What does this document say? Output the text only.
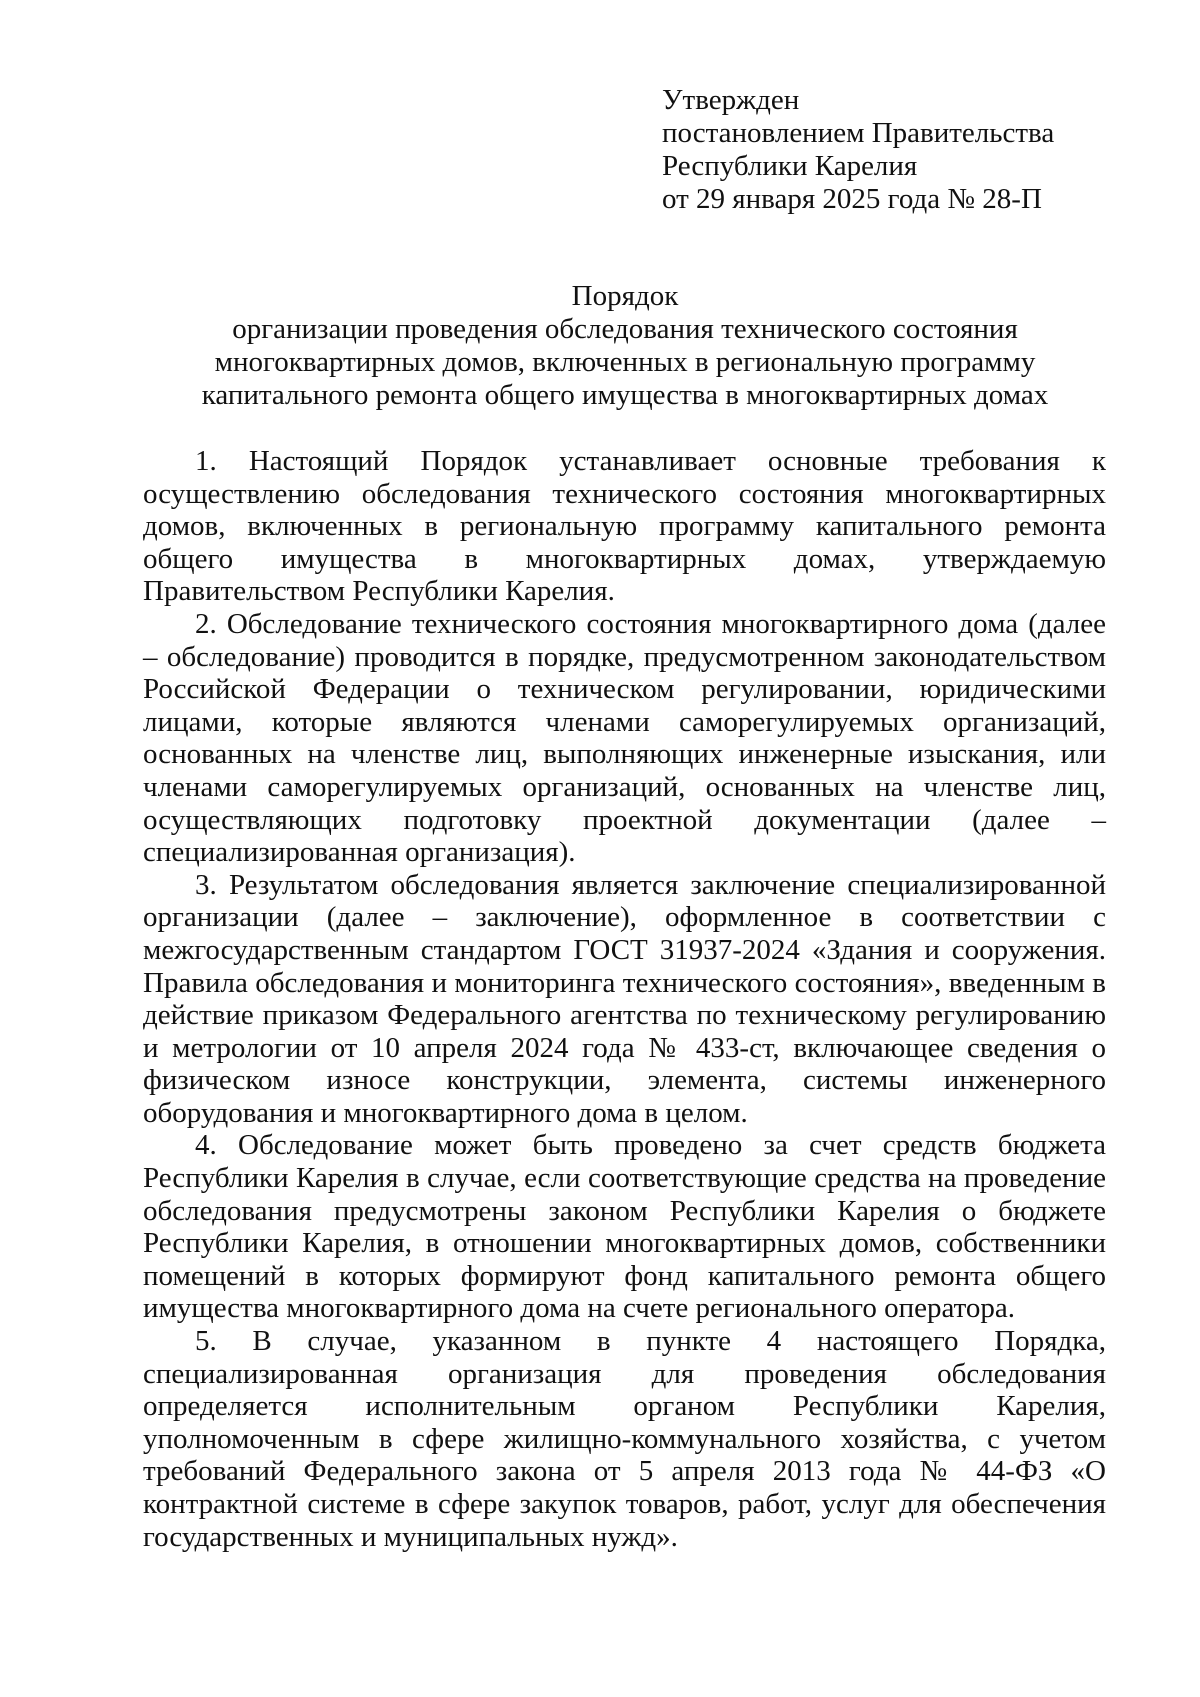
Утвержден
постановлением Правительства
Республики Карелия
от 29 января 2025 года № 28-П
Порядок
организации проведения обследования технического состояния
многоквартирных домов, включенных в региональную программу
капитального ремонта общего имущества в многоквартирных домах

1. Настоящий Порядок устанавливает основные требования к осуществлению обследования технического состояния многоквартирных домов, включенных в региональную программу капитального ремонта общего имущества в многоквартирных домах, утверждаемую Правительством Республики Карелия.

2. Обследование технического состояния многоквартирного дома (далее – обследование) проводится в порядке, предусмотренном законодательством Российской Федерации о техническом регулировании, юридическими лицами, которые являются членами саморегулируемых организаций, основанных на членстве лиц, выполняющих инженерные изыскания, или членами саморегулируемых организаций, основанных на членстве лиц, осуществляющих подготовку проектной документации (далее – специализированная организация).

3. Результатом обследования является заключение специализированной организации (далее – заключение), оформленное в соответствии с межгосударственным стандартом ГОСТ 31937-2024 «Здания и сооружения. Правила обследования и мониторинга технического состояния», введенным в действие приказом Федерального агентства по техническому регулированию и метрологии от 10 апреля 2024 года № 433-ст, включающее сведения о физическом износе конструкции, элемента, системы инженерного оборудования и многоквартирного дома в целом.

4. Обследование может быть проведено за счет средств бюджета Республики Карелия в случае, если соответствующие средства на проведение обследования предусмотрены законом Республики Карелия о бюджете Республики Карелия, в отношении многоквартирных домов, собственники помещений в которых формируют фонд капитального ремонта общего имущества многоквартирного дома на счете регионального оператора.

5. В случае, указанном в пункте 4 настоящего Порядка, специализированная организация для проведения обследования определяется исполнительным органом Республики Карелия, уполномоченным в сфере жилищно-коммунального хозяйства, с учетом требований Федерального закона от 5 апреля 2013 года № 44-ФЗ «О контрактной системе в сфере закупок товаров, работ, услуг для обеспечения государственных и муниципальных нужд».
